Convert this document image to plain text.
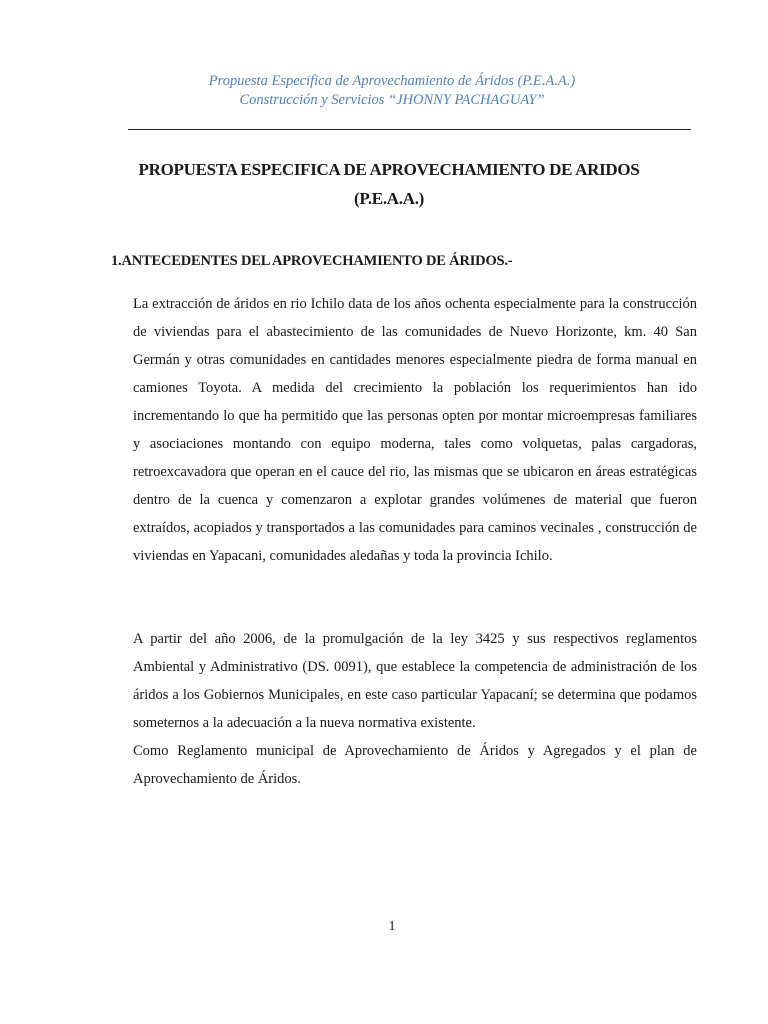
Propuesta Especifica de Aprovechamiento de Áridos (P.E.A.A.)
Construcción y Servicios “JHONNY PACHAGUAY”
PROPUESTA ESPECIFICA DE APROVECHAMIENTO DE ARIDOS
(P.E.A.A.)
1.ANTECEDENTES DEL APROVECHAMIENTO DE ÁRIDOS.-

La extracción de áridos en rio Ichilo data de los años ochenta especialmente para la construcción de viviendas para el abastecimiento de las comunidades de Nuevo Horizonte, km. 40 San Germán y otras comunidades en cantidades menores especialmente piedra de forma manual en camiones Toyota. A medida del crecimiento la población los requerimientos han ido incrementando lo que ha permitido que las personas opten por montar microempresas familiares y asociaciones montando con equipo moderna, tales como volquetas, palas cargadoras, retroexcavadora que operan en el cauce del rio, las mismas que se ubicaron en áreas estratégicas dentro de la cuenca y comenzaron a explotar grandes volúmenes de material que fueron extraídos, acopiados y transportados a las comunidades para caminos vecinales , construcción de viviendas en Yapacani, comunidades aledañas y toda la provincia Ichilo.

A partir del año 2006, de la promulgación de la ley 3425 y sus respectivos reglamentos Ambiental y Administrativo (DS. 0091), que establece la competencia de administración de los áridos a los Gobiernos Municipales, en este caso particular Yapacaní; se determina que podamos someternos a la adecuación a la nueva normativa existente.

Como Reglamento municipal de Aprovechamiento de Áridos y Agregados y el plan de Aprovechamiento de Áridos.

1
